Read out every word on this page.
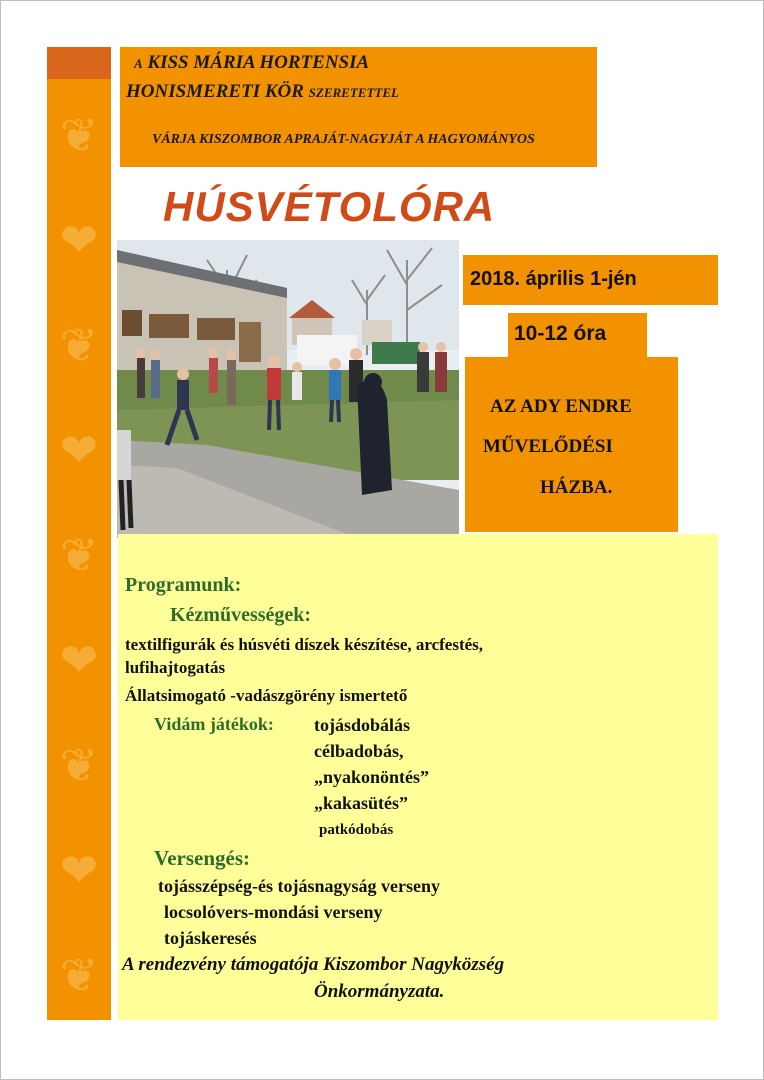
❦
❤
❦
❤
❦
❤
❦
❤
❦
A KISS MÁRIA HORTENSIA
HONISMERETI KÖR SZERETETTEL
VÁRJA KISZOMBOR APRAJÁT-NAGYJÁT A HAGYOMÁNYOS
HÚSVÉTOLÓRA
2018. április 1-jén
10-12 óra
AZ ADY ENDRE
MŰVELŐDÉSI
HÁZBA.
Programunk:
Kézművességek:
textilfigurák és húsvéti díszek készítése, arcfestés,
lufihajtogatás
Állatsimogató -vadászgörény ismertető
Vidám játékok: tojásdobálás
célbadobás,
„nyakonöntés”
„kakasütés”
patkódobás
Versengés:
tojásszépség-és tojásnagyság verseny
locsolóvers-mondási verseny
tojáskeresés
A rendezvény támogatója Kiszombor Nagyközség
Önkormányzata.
